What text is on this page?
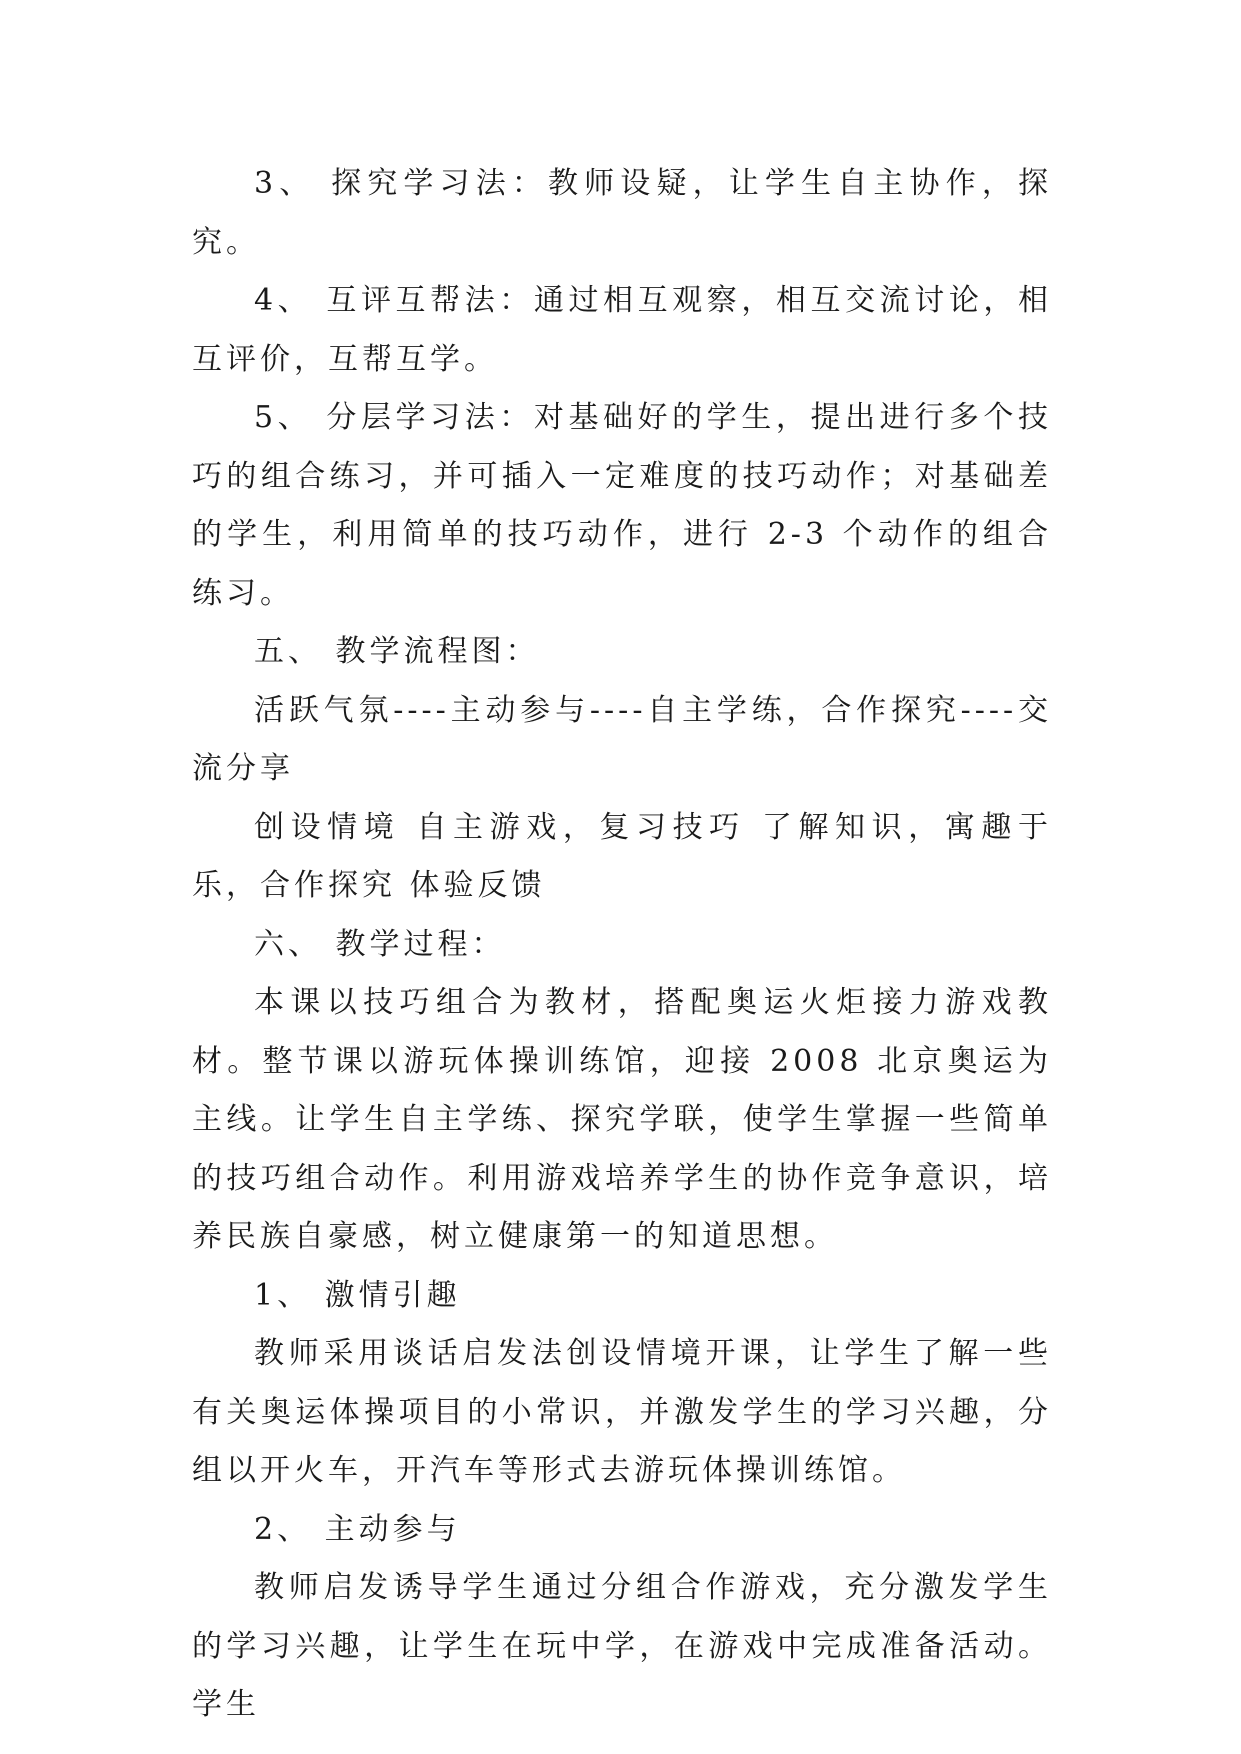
3、 探究学习法：教师设疑，让学生自主协作，探究。

4、 互评互帮法：通过相互观察，相互交流讨论，相互评价，互帮互学。

5、 分层学习法：对基础好的学生，提出进行多个技巧的组合练习，并可插入一定难度的技巧动作；对基础差的学生，利用简单的技巧动作，进行 2-3 个动作的组合练习。

五、 教学流程图：

活跃气氛----主动参与----自主学练，合作探究----交流分享

创设情境 自主游戏，复习技巧 了解知识，寓趣于乐，合作探究 体验反馈

六、 教学过程：

本课以技巧组合为教材，搭配奥运火炬接力游戏教材。整节课以游玩体操训练馆，迎接 2008 北京奥运为主线。让学生自主学练、探究学联，使学生掌握一些简单的技巧组合动作。利用游戏培养学生的协作竞争意识，培养民族自豪感，树立健康第一的知道思想。

1、 激情引趣

教师采用谈话启发法创设情境开课，让学生了解一些有关奥运体操项目的小常识，并激发学生的学习兴趣，分组以开火车，开汽车等形式去游玩体操训练馆。

2、 主动参与

教师启发诱导学生通过分组合作游戏，充分激发学生的学习兴趣，让学生在玩中学，在游戏中完成准备活动。学生
